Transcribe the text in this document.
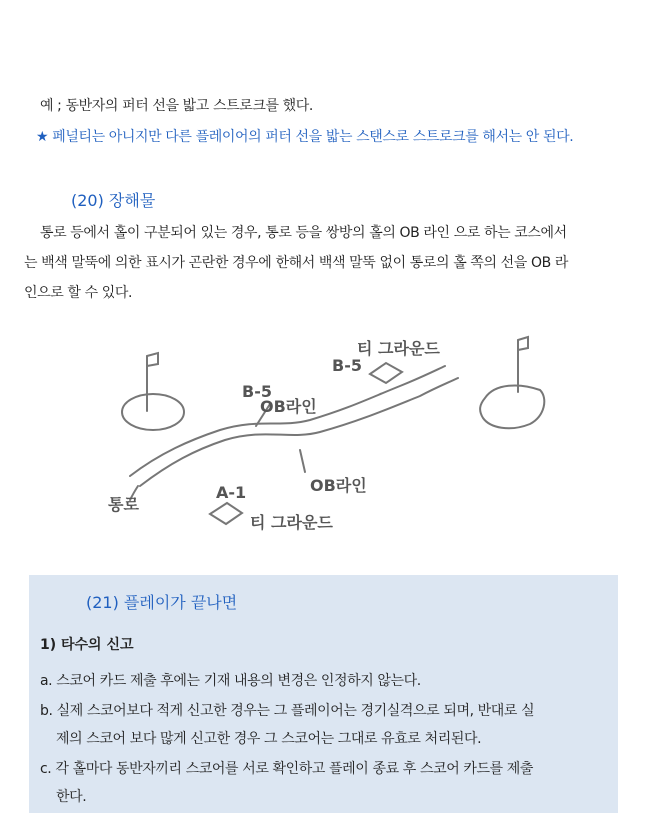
예 ; 동반자의 퍼터 선을 밟고 스트로크를 했다.
★ 페널티는 아니지만 다른 플레이어의 퍼터 선을 밟는 스탠스로 스트로크를 해서는 안 된다.
(20) 장해물
통로 등에서 홀이 구분되어 있는 경우, 통로 등을 쌍방의 홀의 OB 라인 으로 하는 코스에서
는 백색 말뚝에 의한 표시가 곤란한 경우에 한해서 백색 말뚝 없이 통로의 홀 쪽의 선을 OB 라
인으로 할 수 있다.
티 그라운드
B-5
B-5
OB라인
OB라인
A-1
티 그라운드
통로
(21) 플레이가 끝나면
1) 타수의 신고
a. 스코어 카드 제출 후에는 기재 내용의 변경은 인정하지 않는다.
b. 실제 스코어보다 적게 신고한 경우는 그 플레이어는 경기실격으로 되며, 반대로 실
제의 스코어 보다 많게 신고한 경우 그 스코어는 그대로 유효로 처리된다.
c. 각 홀마다 동반자끼리 스코어를 서로 확인하고 플레이 종료 후 스코어 카드를 제출
한다.
